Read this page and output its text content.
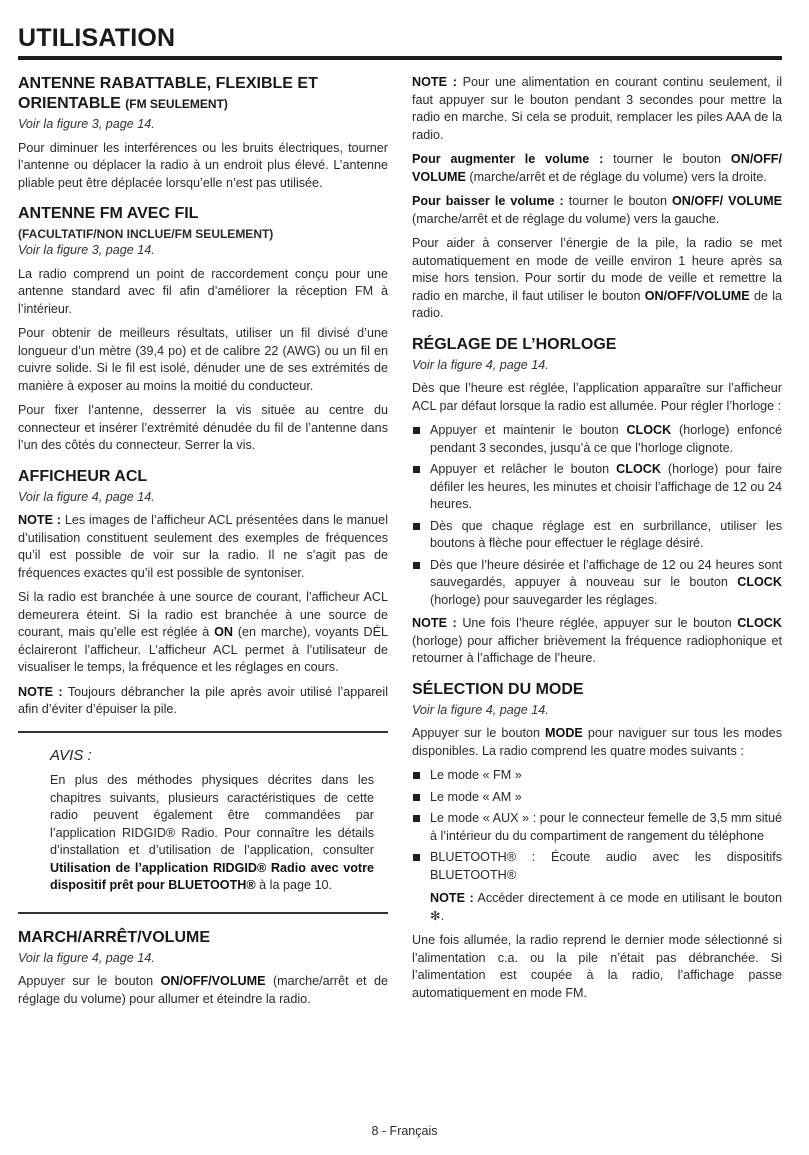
UTILISATION
ANTENNE RABATTABLE, FLEXIBLE ET ORIENTABLE (FM SEULEMENT)

Voir la figure 3, page 14.

Pour diminuer les interférences ou les bruits électriques, tourner l’antenne ou déplacer la radio à un endroit plus élevé. L’antenne pliable peut être déplacée lorsqu’elle n’est pas utilisée.

ANTENNE FM AVEC FIL

(FACULTATIF/NON INCLUE/FM SEULEMENT)

Voir la figure 3, page 14.

La radio comprend un point de raccordement conçu pour une antenne standard avec fil afin d’améliorer la réception FM à l’intérieur.

Pour obtenir de meilleurs résultats, utiliser un fil divisé d’une longueur d’un mètre (39,4 po) et de calibre 22 (AWG) ou un fil en cuivre solide. Si le fil est isolé, dénuder une de ses extrémités de manière à exposer au moins la moitié du conducteur.

Pour fixer l’antenne, desserrer la vis située au centre du connecteur et insérer l’extrémité dénudée du fil de l’antenne dans l’un des côtés du connecteur. Serrer la vis.

AFFICHEUR ACL

Voir la figure 4, page 14.

NOTE : Les images de l’afficheur ACL présentées dans le manuel d’utilisation constituent seulement des exemples de fréquences qu’il est possible de voir sur la radio. Il ne s’agit pas de fréquences exactes qu’il est possible de syntoniser.

Si la radio est branchée à une source de courant, l’afficheur ACL demeurera éteint. Si la radio est branchée à une source de courant, mais qu’elle est réglée à ON (en marche), voyants DÉL éclaireront l’afficheur. L’afficheur ACL permet à l’utilisateur de visualiser le temps, la fréquence et les réglages en cours.

NOTE : Toujours débrancher la pile après avoir utilisé l’appareil afin d’éviter d’épuiser la pile.

AVIS :

En plus des méthodes physiques décrites dans les chapitres suivants, plusieurs caractéristiques de cette radio peuvent également être commandées par l’application RIDGID® Radio. Pour connaître les détails d’installation et d’utilisation de l’application, consulter Utilisation de l’application RIDGID® Radio avec votre dispositif prêt pour BLUETOOTH® à la page 10.

MARCH/ARRÊT/VOLUME

Voir la figure 4, page 14.

Appuyer sur le bouton ON/OFF/VOLUME (marche/arrêt et de réglage du volume) pour allumer et éteindre la radio.

NOTE : Pour une alimentation en courant continu seulement, il faut appuyer sur le bouton pendant 3 secondes pour mettre la radio en marche. Si cela se produit, remplacer les piles AAA de la radio.

Pour augmenter le volume : tourner le bouton ON/OFF/ VOLUME (marche/arrêt et de réglage du volume) vers la droite.

Pour baisser le volume : tourner le bouton ON/OFF/ VOLUME (marche/arrêt et de réglage du volume) vers la gauche.

Pour aider à conserver l’énergie de la pile, la radio se met automatiquement en mode de veille environ 1 heure après sa mise hors tension. Pour sortir du mode de veille et remettre la radio en marche, il faut utiliser le bouton ON/OFF/VOLUME de la radio.

RÉGLAGE DE L’HORLOGE

Voir la figure 4, page 14.

Dès que l’heure est réglée, l’application apparaître sur l’afficheur ACL par défaut lorsque la radio est allumée. Pour régler l’horloge :

Appuyer et maintenir le bouton CLOCK (horloge) enfoncé pendant 3 secondes, jusqu’à ce que l’horloge clignote.
Appuyer et relâcher le bouton CLOCK (horloge) pour faire défiler les heures, les minutes et choisir l’affichage de 12 ou 24 heures.
Dès que chaque réglage est en surbrillance, utiliser les boutons à flèche pour effectuer le réglage désiré.
Dès que l’heure désirée et l’affichage de 12 ou 24 heures sont sauvegardés, appuyer à nouveau sur le bouton CLOCK (horloge) pour sauvegarder les réglages.

NOTE : Une fois l’heure réglée, appuyer sur le bouton CLOCK (horloge) pour afficher brièvement la fréquence radiophonique et retourner à l’affichage de l’heure.

SÉLECTION DU MODE

Voir la figure 4, page 14.

Appuyer sur le bouton MODE pour naviguer sur tous les modes disponibles. La radio comprend les quatre modes suivants :

Le mode « FM »
Le mode « AM »
Le mode « AUX » : pour le connecteur femelle de 3,5 mm situé à l’intérieur du du compartiment de rangement du téléphone
BLUETOOTH® : Écoute audio avec les dispositifs BLUETOOTH®

NOTE : Accéder directement à ce mode en utilisant le bouton ✻.

Une fois allumée, la radio reprend le dernier mode sélectionné si l’alimentation c.a. ou la pile n’était pas débranchée. Si l’alimentation est coupée à la radio, l’affichage passe automatiquement en mode FM.

8 - Français
